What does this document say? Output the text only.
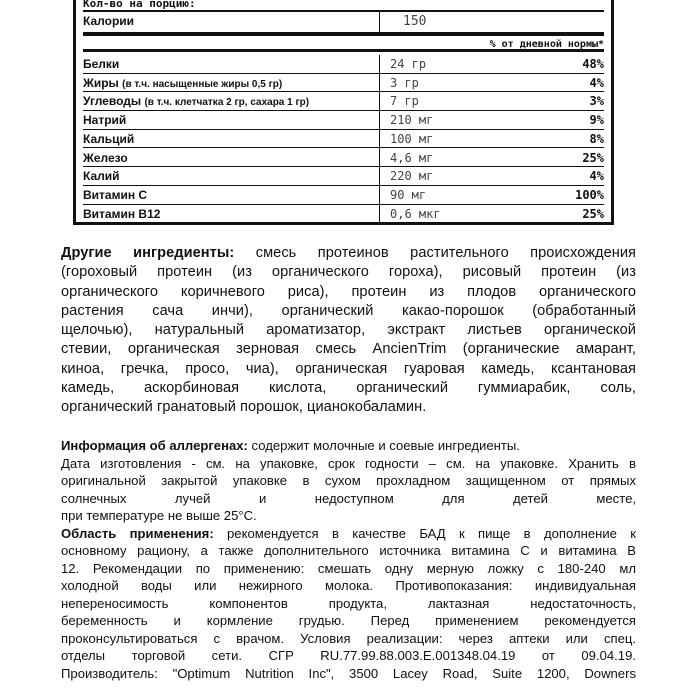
Кол-во на порцию:
Калории	150
% от дневной нормы*
Белки	24 гр	48%
Жиры (в т.ч. насыщенные жиры 0,5 гр)	3 гр	4%
Углеводы (в т.ч. клетчатка 2 гр, сахара 1 гр)	7 гр	3%
Натрий	210 мг	9%
Кальций	100 мг	8%
Железо	4,6 мг	25%
Калий	220 мг	4%
Витамин С	90 мг	100%
Витамин В12	0,6 мкг	25%
Другие ингредиенты: смесь протеинов растительного происхождения
(гороховый протеин (из органического гороха), рисовый протеин (из
органического коричневого риса), протеин из плодов органического
растения сача инчи), органический какао-порошок (обработанный
щелочью), натуральный ароматизатор, экстракт листьев органической
стевии, органическая зерновая смесь AncienTrim (органические амарант,
киноа, гречка, просо, чиа), органическая гуаровая камедь, ксантановая
камедь, аскорбиновая кислота, органический гуммиарабик, соль,
органический гранатовый порошок, цианокобаламин.
Информация об аллергенах: содержит молочные и соевые ингредиенты.
Дата изготовления - см. на упаковке, срок годности – см. на упаковке. Хранить в
оригинальной закрытой упаковке в сухом прохладном защищенном от прямых
солнечных лучей и недоступном для детей месте,
при температуре не выше 25°С.
Область применения: рекомендуется в качестве БАД к пище в дополнение к
основному рациону, а также дополнительного источника витамина С и витамина В
12. Рекомендации по применению: смешать одну мерную ложку с 180-240 мл
холодной воды или нежирного молока. Противопоказания: индивидуальная
непереносимость компонентов продукта, лактазная недостаточность,
беременность и кормление грудью. Перед применением рекомендуется
проконсультироваться с врачом. Условия реализации: через аптеки или спец.
отделы торговой сети. СГР RU.77.99.88.003.Е.001348.04.19 от 09.04.19.
Производитель: "Optimum Nutrition Inc", 3500 Lacey Road, Suite 1200, Downers
